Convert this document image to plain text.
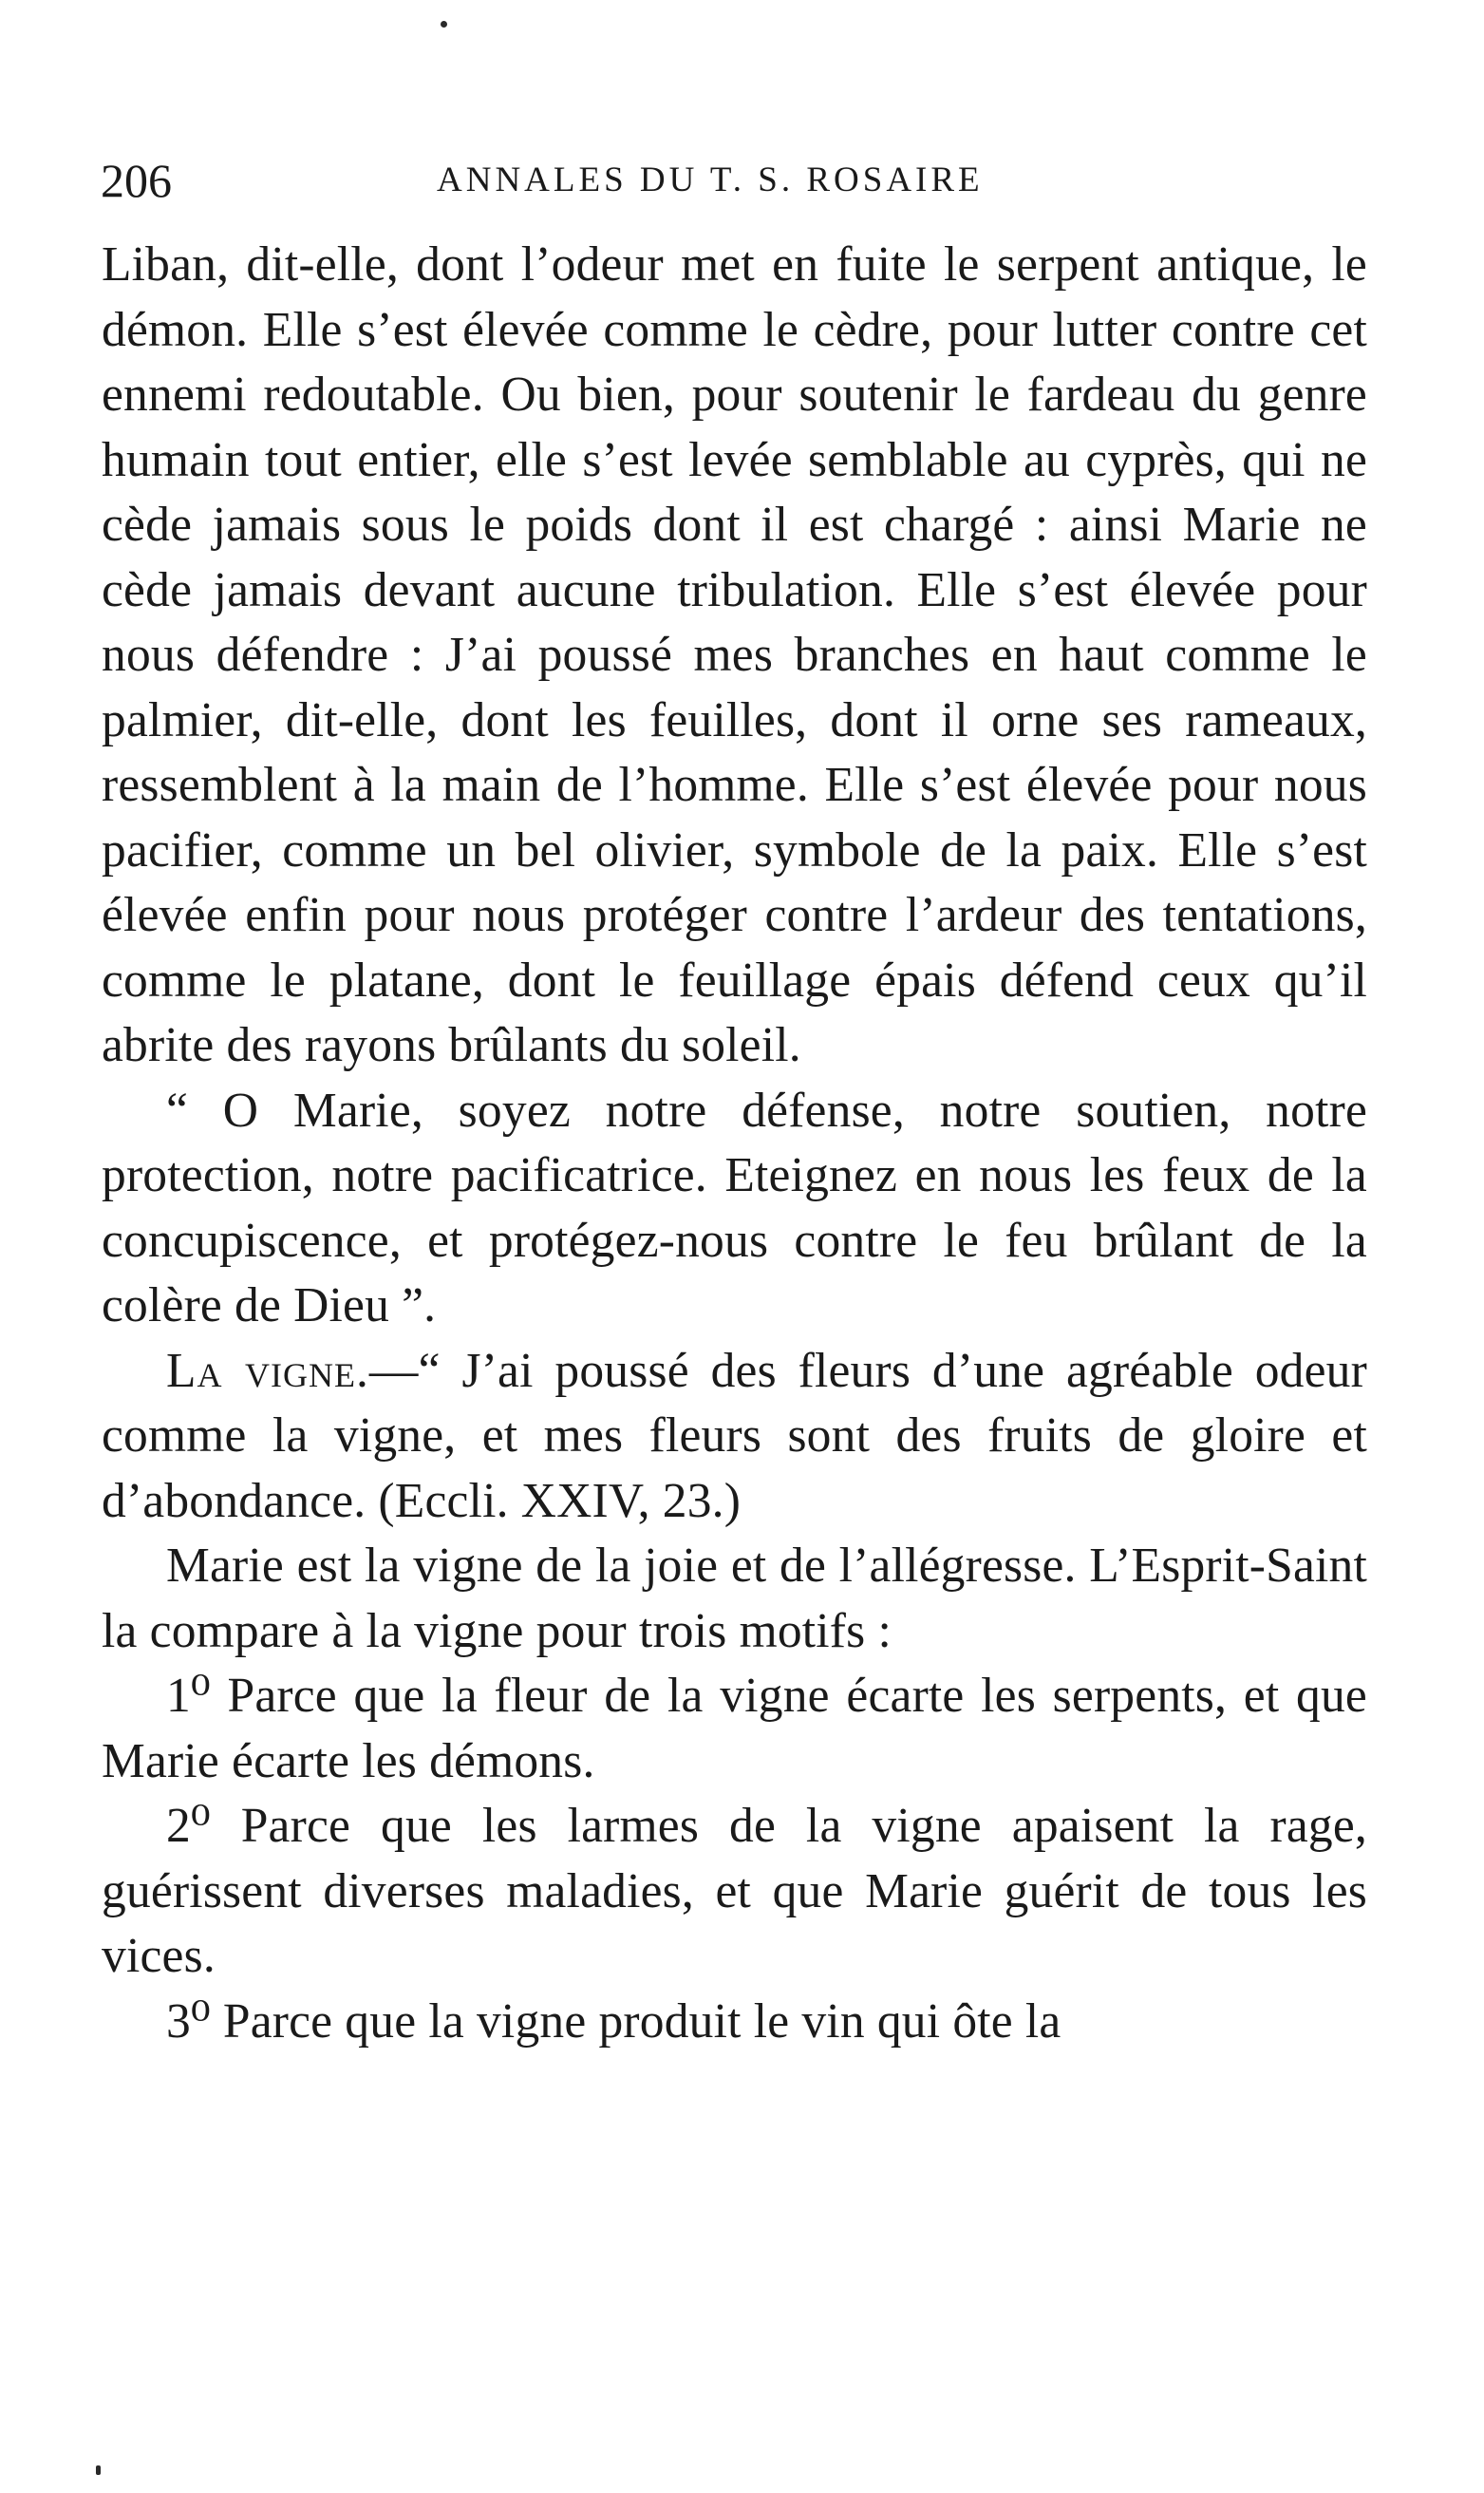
206	ANNALES DU T. S. ROSAIRE

Liban, dit-elle, dont l’odeur met en fuite le serpent antique, le démon. Elle s’est élevée comme le cèdre, pour lutter contre cet ennemi redoutable. Ou bien, pour soutenir le fardeau du genre humain tout entier, elle s’est levée semblable au cyprès, qui ne cède jamais sous le poids dont il est chargé : ainsi Marie ne cède jamais devant aucune tribulation. Elle s’est élevée pour nous défendre : J’ai poussé mes branches en haut comme le palmier, dit-elle, dont les feuilles, dont il orne ses rameaux, ressemblent à la main de l’homme. Elle s’est élevée pour nous pacifier, comme un bel olivier, symbole de la paix. Elle s’est élevée enfin pour nous protéger contre l’ardeur des tentations, comme le platane, dont le feuillage épais défend ceux qu’il abrite des rayons brûlants du soleil.

“ O Marie, soyez notre défense, notre soutien, notre protection, notre pacificatrice. Eteignez en nous les feux de la concupiscence, et protégez-nous contre le feu brûlant de la colère de Dieu ”.

La vigne.—“ J’ai poussé des fleurs d’une agréable odeur comme la vigne, et mes fleurs sont des fruits de gloire et d’abondance. (Eccli. XXIV, 23.)

Marie est la vigne de la joie et de l’allégresse. L’Esprit-Saint la compare à la vigne pour trois motifs :

1⁰ Parce que la fleur de la vigne écarte les serpents, et que Marie écarte les démons.

2⁰ Parce que les larmes de la vigne apaisent la rage, guérissent diverses maladies, et que Marie guérit de tous les vices.

3⁰ Parce que la vigne produit le vin qui ôte la
